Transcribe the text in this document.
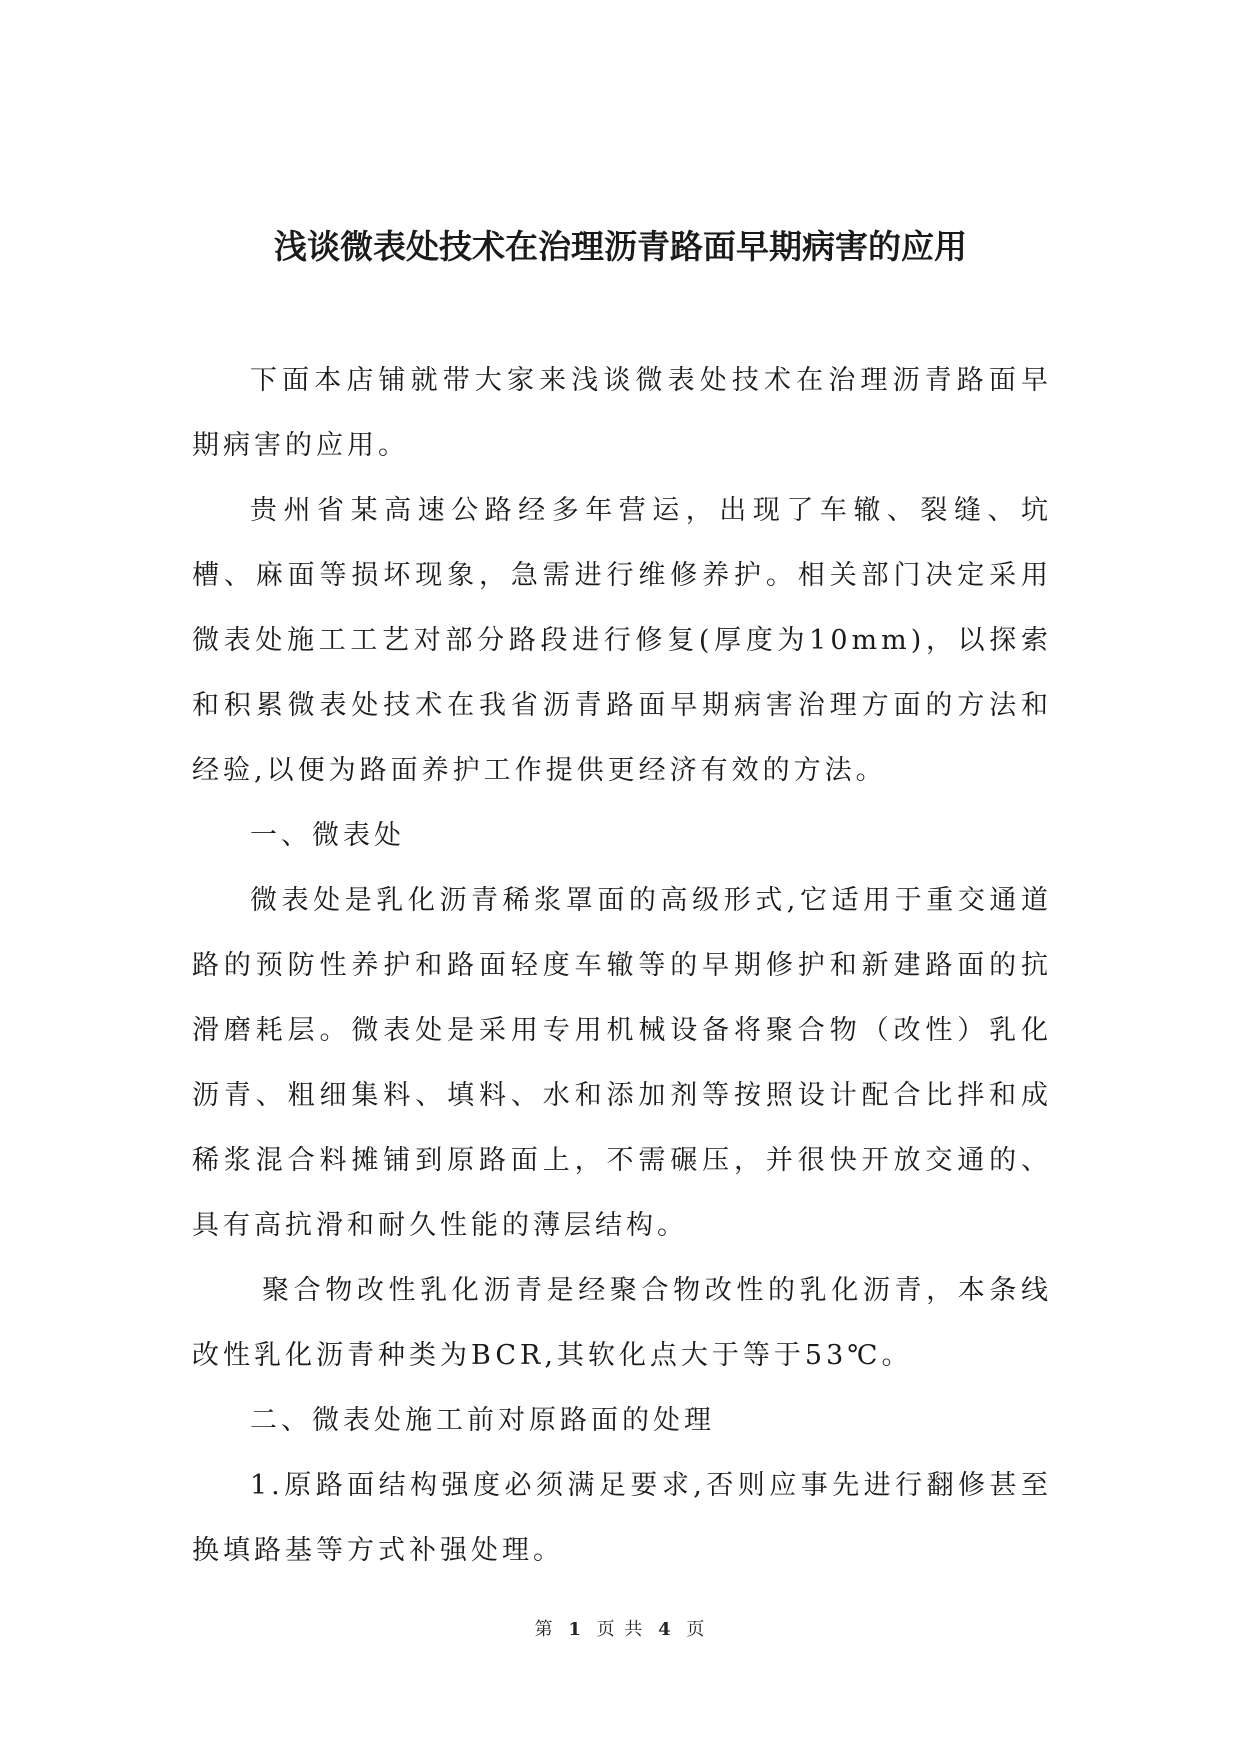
浅谈微表处技术在治理沥青路面早期病害的应用

下面本店铺就带大家来浅谈微表处技术在治理沥青路面早期病害的应用。

贵州省某高速公路经多年营运，出现了车辙、裂缝、坑槽、麻面等损坏现象，急需进行维修养护。相关部门决定采用微表处施工工艺对部分路段进行修复(厚度为10mm)，以探索和积累微表处技术在我省沥青路面早期病害治理方面的方法和经验,以便为路面养护工作提供更经济有效的方法。

一、微表处

微表处是乳化沥青稀浆罩面的高级形式,它适用于重交通道路的预防性养护和路面轻度车辙等的早期修护和新建路面的抗滑磨耗层。微表处是采用专用机械设备将聚合物（改性）乳化沥青、粗细集料、填料、水和添加剂等按照设计配合比拌和成稀浆混合料摊铺到原路面上，不需碾压，并很快开放交通的、具有高抗滑和耐久性能的薄层结构。

聚合物改性乳化沥青是经聚合物改性的乳化沥青，本条线改性乳化沥青种类为BCR,其软化点大于等于53℃。

二、微表处施工前对原路面的处理

1.原路面结构强度必须满足要求,否则应事先进行翻修甚至换填路基等方式补强处理。

第 1 页 共 4 页
